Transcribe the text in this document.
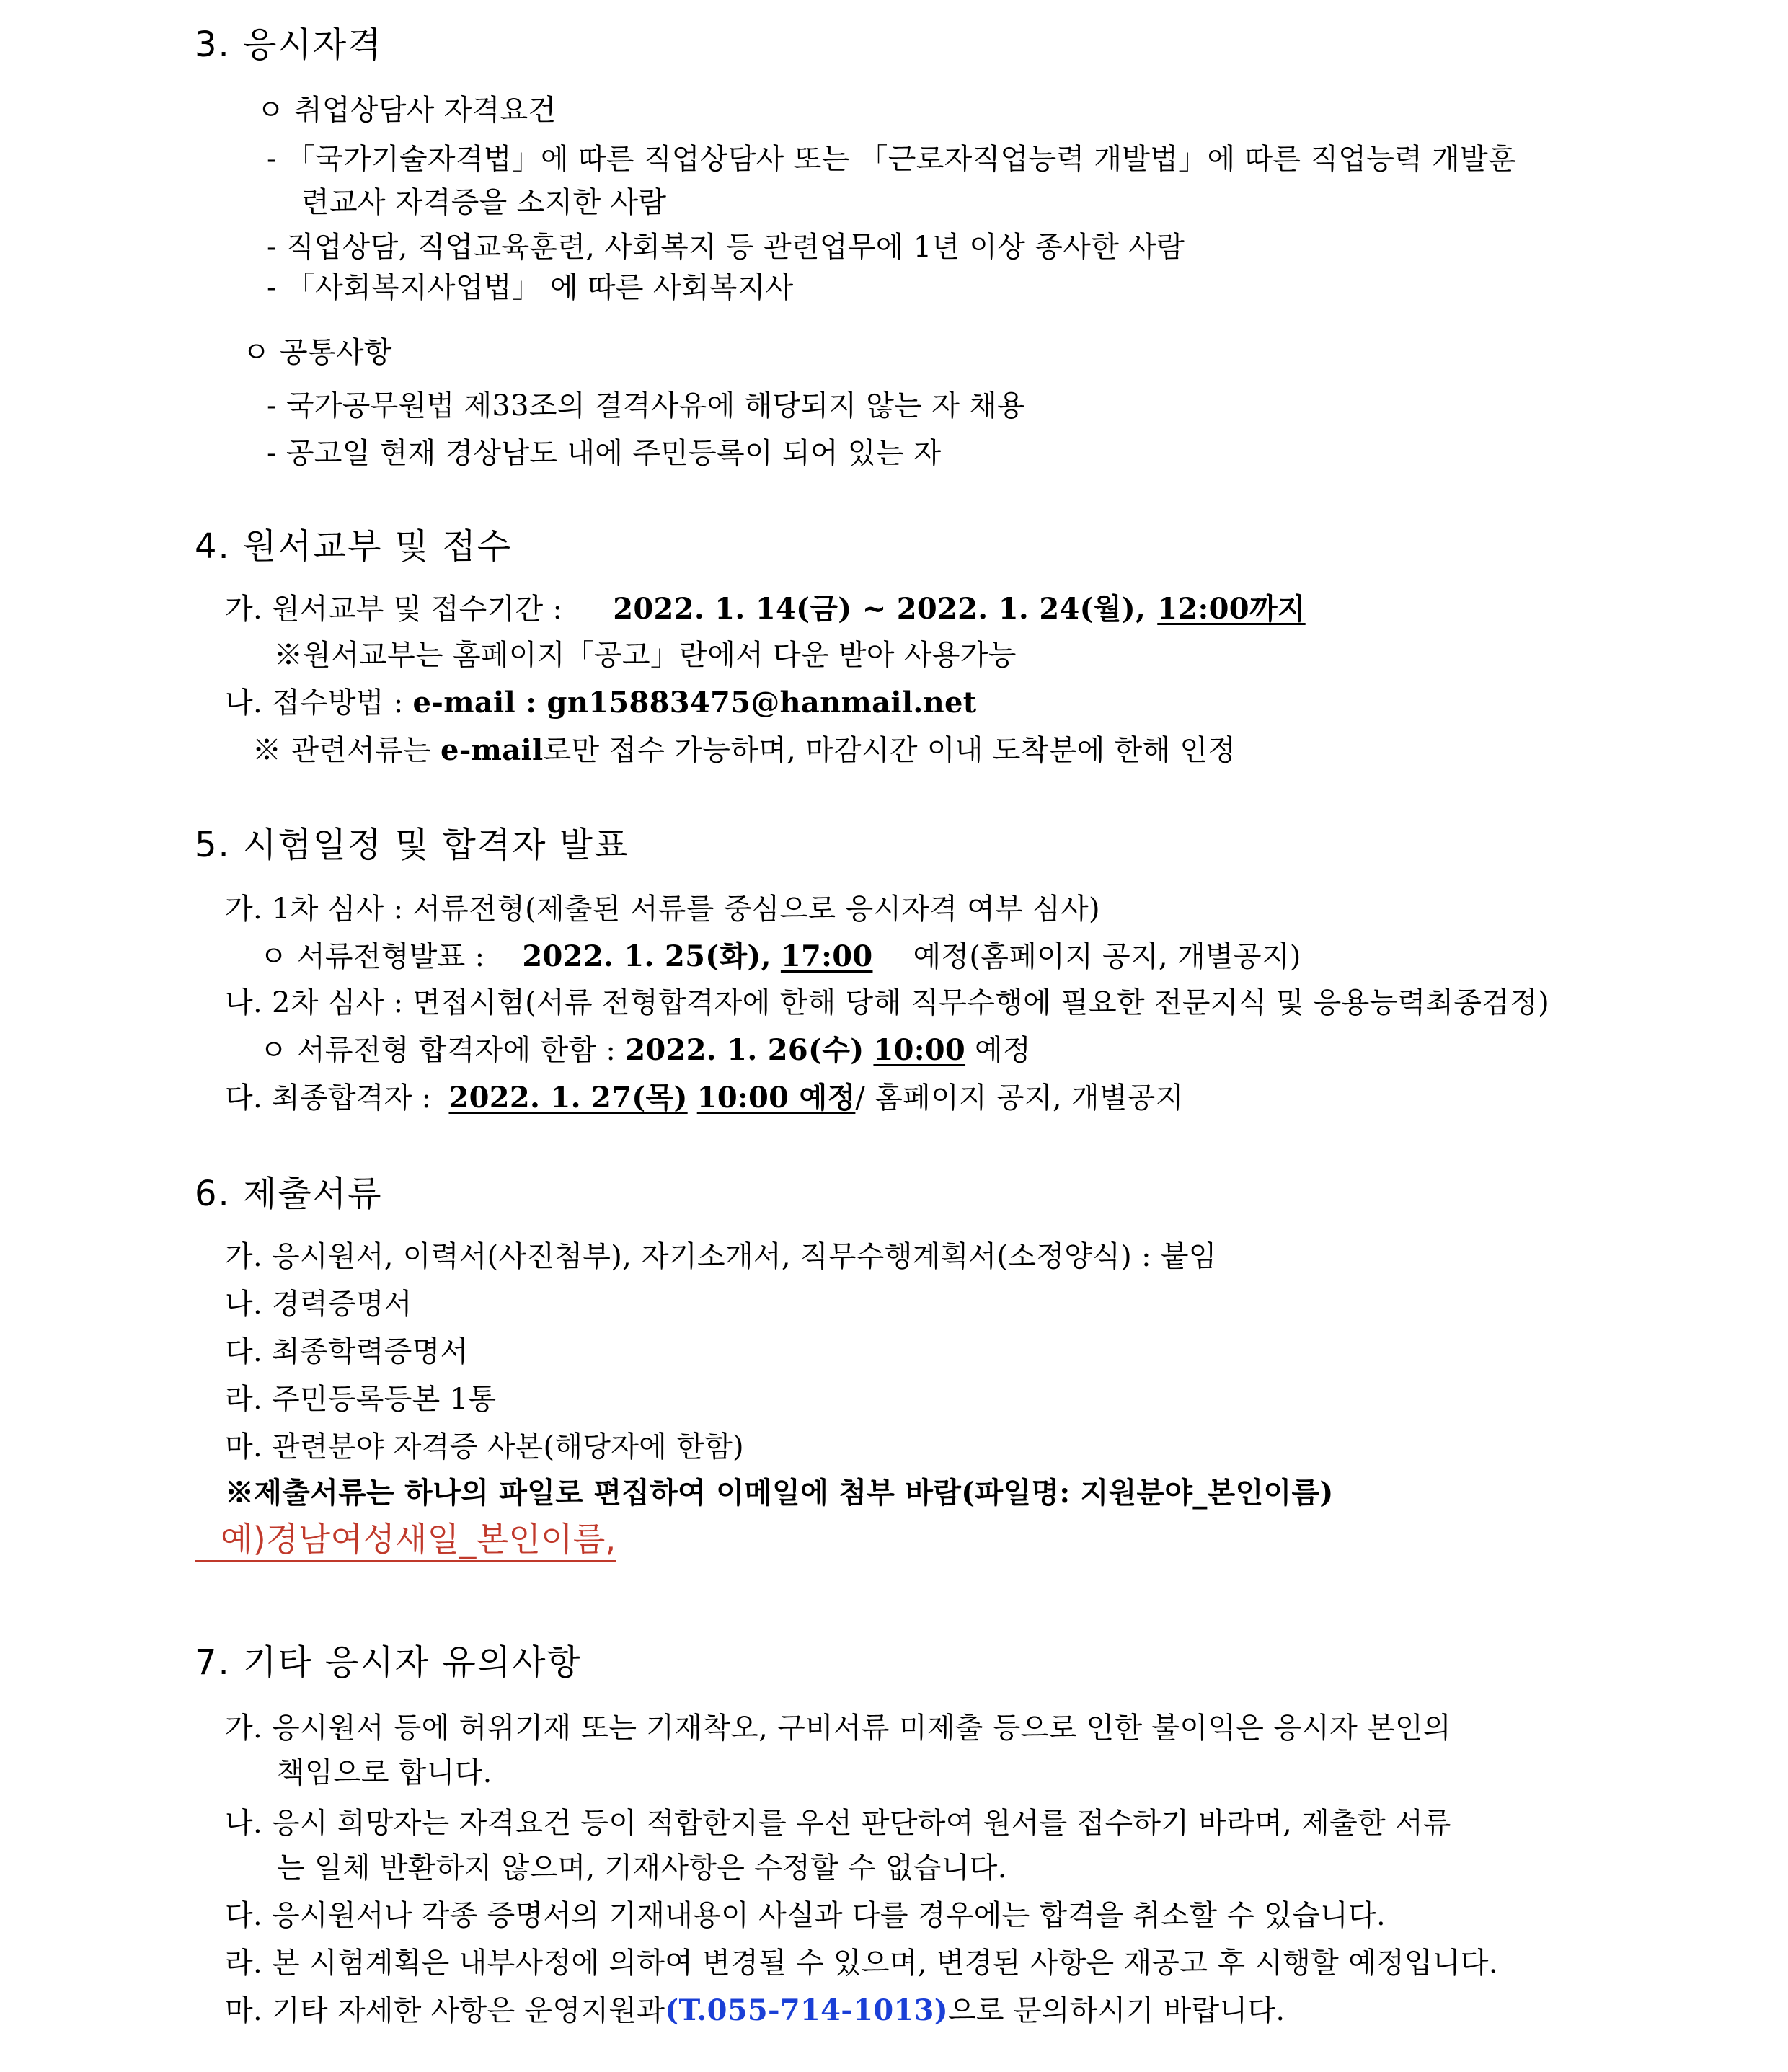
3. 응시자격
ㅇ 취업상담사 자격요건
- 「국가기술자격법」에 따른 직업상담사 또는 「근로자직업능력 개발법」에 따른 직업능력 개발훈
련교사 자격증을 소지한 사람
- 직업상담, 직업교육훈련, 사회복지 등 관련업무에 1년 이상 종사한 사람
- 「사회복지사업법」 에 따른 사회복지사
ㅇ 공통사항
- 국가공무원법 제33조의 결격사유에 해당되지 않는 자 채용
- 공고일 현재 경상남도 내에 주민등록이 되어 있는 자
4. 원서교부 및 접수
가. 원서교부 및 접수기간 : 2022. 1. 14(금) ~ 2022. 1. 24(월), 12:00까지
※원서교부는 홈페이지「공고」란에서 다운 받아 사용가능
나. 접수방법 : e-mail : gn15883475@hanmail.net
※ 관련서류는 e-mail로만 접수 가능하며, 마감시간 이내 도착분에 한해 인정
5. 시험일정 및 합격자 발표
가. 1차 심사 : 서류전형(제출된 서류를 중심으로 응시자격 여부 심사)
ㅇ 서류전형발표 : 2022. 1. 25(화), 17:00 예정(홈페이지 공지, 개별공지)
나. 2차 심사 : 면접시험(서류 전형합격자에 한해 당해 직무수행에 필요한 전문지식 및 응용능력최종검정)
ㅇ 서류전형 합격자에 한함 : 2022. 1. 26(수) 10:00 예정
다. 최종합격자 : 2022. 1. 27(목) 10:00 예정/ 홈페이지 공지, 개별공지
6. 제출서류
가. 응시원서, 이력서(사진첨부), 자기소개서, 직무수행계획서(소정양식) : 붙임
나. 경력증명서
다. 최종학력증명서
라. 주민등록등본 1통
마. 관련분야 자격증 사본(해당자에 한함)
※제출서류는 하나의 파일로 편집하여 이메일에 첨부 바람(파일명: 지원분야_본인이름)
예)경남여성새일_본인이름,
7. 기타 응시자 유의사항
가. 응시원서 등에 허위기재 또는 기재착오, 구비서류 미제출 등으로 인한 불이익은 응시자 본인의
책임으로 합니다.
나. 응시 희망자는 자격요건 등이 적합한지를 우선 판단하여 원서를 접수하기 바라며, 제출한 서류
는 일체 반환하지 않으며, 기재사항은 수정할 수 없습니다.
다. 응시원서나 각종 증명서의 기재내용이 사실과 다를 경우에는 합격을 취소할 수 있습니다.
라. 본 시험계획은 내부사정에 의하여 변경될 수 있으며, 변경된 사항은 재공고 후 시행할 예정입니다.
마. 기타 자세한 사항은 운영지원과(T.055-714-1013)으로 문의하시기 바랍니다.
